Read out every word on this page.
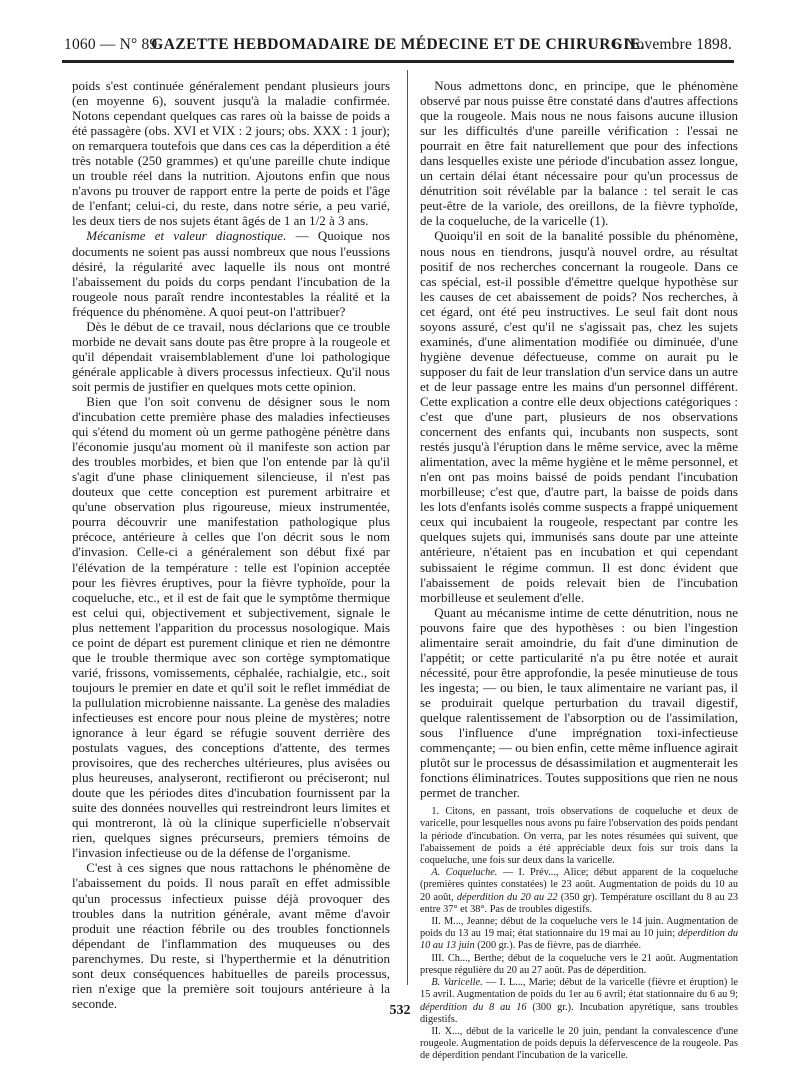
1060 — N° 89
GAZETTE HEBDOMADAIRE DE MÉDECINE ET DE CHIRURGIE.
6 Novembre 1898.

poids s'est continuée généralement pendant plusieurs jours (en moyenne 6), souvent jusqu'à la maladie confirmée. Notons cependant quelques cas rares où la baisse de poids a été passagère (obs. XVI et VIX : 2 jours; obs. XXX : 1 jour); on remarquera toutefois que dans ces cas la déperdition a été très notable (250 grammes) et qu'une pareille chute indique un trouble réel dans la nutrition. Ajoutons enfin que nous n'avons pu trouver de rapport entre la perte de poids et l'âge de l'enfant; celui-ci, du reste, dans notre série, a peu varié, les deux tiers de nos sujets étant âgés de 1 an 1/2 à 3 ans.

Mécanisme et valeur diagnostique. — Quoique nos documents ne soient pas aussi nombreux que nous l'eussions désiré, la régularité avec laquelle ils nous ont montré l'abaissement du poids du corps pendant l'incubation de la rougeole nous paraît rendre incontestables la réalité et la fréquence du phénomène. A quoi peut-on l'attribuer?

Dès le début de ce travail, nous déclarions que ce trouble morbide ne devait sans doute pas être propre à la rougeole et qu'il dépendait vraisemblablement d'une loi pathologique générale applicable à divers processus infectieux. Qu'il nous soit permis de justifier en quelques mots cette opinion.

Bien que l'on soit convenu de désigner sous le nom d'incubation cette première phase des maladies infectieuses qui s'étend du moment où un germe pathogène pénètre dans l'économie jusqu'au moment où il manifeste son action par des troubles morbides, et bien que l'on entende par là qu'il s'agit d'une phase cliniquement silencieuse, il n'est pas douteux que cette conception est purement arbitraire et qu'une observation plus rigoureuse, mieux instrumentée, pourra découvrir une manifestation pathologique plus précoce, antérieure à celles que l'on décrit sous le nom d'invasion. Celle-ci a généralement son début fixé par l'élévation de la température : telle est l'opinion acceptée pour les fièvres éruptives, pour la fièvre typhoïde, pour la coqueluche, etc., et il est de fait que le symptôme thermique est celui qui, objectivement et subjectivement, signale le plus nettement l'apparition du processus nosologique. Mais ce point de départ est purement clinique et rien ne démontre que le trouble thermique avec son cortège symptomatique varié, frissons, vomissements, céphalée, rachialgie, etc., soit toujours le premier en date et qu'il soit le reflet immédiat de la pullulation microbienne naissante. La genèse des maladies infectieuses est encore pour nous pleine de mystères; notre ignorance à leur égard se réfugie souvent derrière des postulats vagues, des conceptions d'attente, des termes provisoires, que des recherches ultérieures, plus avisées ou plus heureuses, analyseront, rectifieront ou préciseront; nul doute que les périodes dites d'incubation fournissent par la suite des données nouvelles qui restreindront leurs limites et qui montreront, là où la clinique superficielle n'observait rien, quelques signes précurseurs, premiers témoins de l'invasion infectieuse ou de la défense de l'organisme.

C'est à ces signes que nous rattachons le phénomène de l'abaissement du poids. Il nous paraît en effet admissible qu'un processus infectieux puisse déjà provoquer des troubles dans la nutrition générale, avant même d'avoir produit une réaction fébrile ou des troubles fonctionnels dépendant de l'inflammation des muqueuses ou des parenchymes. Du reste, si l'hyperthermie et la dénutrition sont deux conséquences habituelles de pareils processus, rien n'exige que la première soit toujours antérieure à la seconde.

Nous admettons donc, en principe, que le phénomène observé par nous puisse être constaté dans d'autres affections que la rougeole. Mais nous ne nous faisons aucune illusion sur les difficultés d'une pareille vérification : l'essai ne pourrait en être fait naturellement que pour des infections dans lesquelles existe une période d'incubation assez longue, un certain délai étant nécessaire pour qu'un processus de dénutrition soit révélable par la balance : tel serait le cas peut-être de la variole, des oreillons, de la fièvre typhoïde, de la coqueluche, de la varicelle (1).

Quoiqu'il en soit de la banalité possible du phénomène, nous nous en tiendrons, jusqu'à nouvel ordre, au résultat positif de nos recherches concernant la rougeole. Dans ce cas spécial, est-il possible d'émettre quelque hypothèse sur les causes de cet abaissement de poids? Nos recherches, à cet égard, ont été peu instructives. Le seul fait dont nous soyons assuré, c'est qu'il ne s'agissait pas, chez les sujets examinés, d'une alimentation modifiée ou diminuée, d'une hygiène devenue défectueuse, comme on aurait pu le supposer du fait de leur translation d'un service dans un autre et de leur passage entre les mains d'un personnel différent. Cette explication a contre elle deux objections catégoriques : c'est que d'une part, plusieurs de nos observations concernent des enfants qui, incubants non suspects, sont restés jusqu'à l'éruption dans le même service, avec la même alimentation, avec la même hygiène et le même personnel, et n'en ont pas moins baissé de poids pendant l'incubation morbilleuse; c'est que, d'autre part, la baisse de poids dans les lots d'enfants isolés comme suspects a frappé uniquement ceux qui incubaient la rougeole, respectant par contre les quelques sujets qui, immunisés sans doute par une atteinte antérieure, n'étaient pas en incubation et qui cependant subissaient le régime commun. Il est donc évident que l'abaissement de poids relevait bien de l'incubation morbilleuse et seulement d'elle.

Quant au mécanisme intime de cette dénutrition, nous ne pouvons faire que des hypothèses : ou bien l'ingestion alimentaire serait amoindrie, du fait d'une diminution de l'appétit; or cette particularité n'a pu être notée et aurait nécessité, pour être approfondie, la pesée minutieuse de tous les ingesta; — ou bien, le taux alimentaire ne variant pas, il se produirait quelque perturbation du travail digestif, quelque ralentissement de l'absorption ou de l'assimilation, sous l'influence d'une imprégnation toxi-infectieuse commençante; — ou bien enfin, cette même influence agirait plutôt sur le processus de désassimilation et augmenterait les fonctions éliminatrices. Toutes suppositions que rien ne nous permet de trancher.

1. Citons, en passant, trois observations de coqueluche et deux de varicelle, pour lesquelles nous avons pu faire l'observation des poids pendant la période d'incubation. On verra, par les notes résumées qui suivent, que l'abaissement de poids a été appréciable deux fois sur trois dans la coqueluche, une fois sur deux dans la varicelle.

A. Coqueluche. — I. Prév..., Alice; début apparent de la coqueluche (premières quintes constatées) le 23 août. Augmentation de poids du 10 au 20 août, déperdition du 20 au 22 (350 gr). Température oscillant du 8 au 23 entre 37° et 38°. Pas de troubles digestifs.

II. M..., Jeanne; début de la coqueluche vers le 14 juin. Augmentation de poids du 13 au 19 mai; état stationnaire du 19 mai au 10 juin; déperdition du 10 au 13 juin (200 gr.). Pas de fièvre, pas de diarrhée.

III. Ch..., Berthe; début de la coqueluche vers le 21 août. Augmentation presque régulière du 20 au 27 août. Pas de déperdition.

B. Varicelle. — I. L..., Marie; début de la varicelle (fièvre et éruption) le 15 avril. Augmentation de poids du 1er au 6 avril; état stationnaire du 6 au 9; déperdition du 8 au 16 (300 gr.). Incubation apyrétique, sans troubles digestifs.

II. X..., début de la varicelle le 20 juin, pendant la convalescence d'une rougeole. Augmentation de poids depuis la défervescence de la rougeole. Pas de déperdition pendant l'incubation de la varicelle.

532
